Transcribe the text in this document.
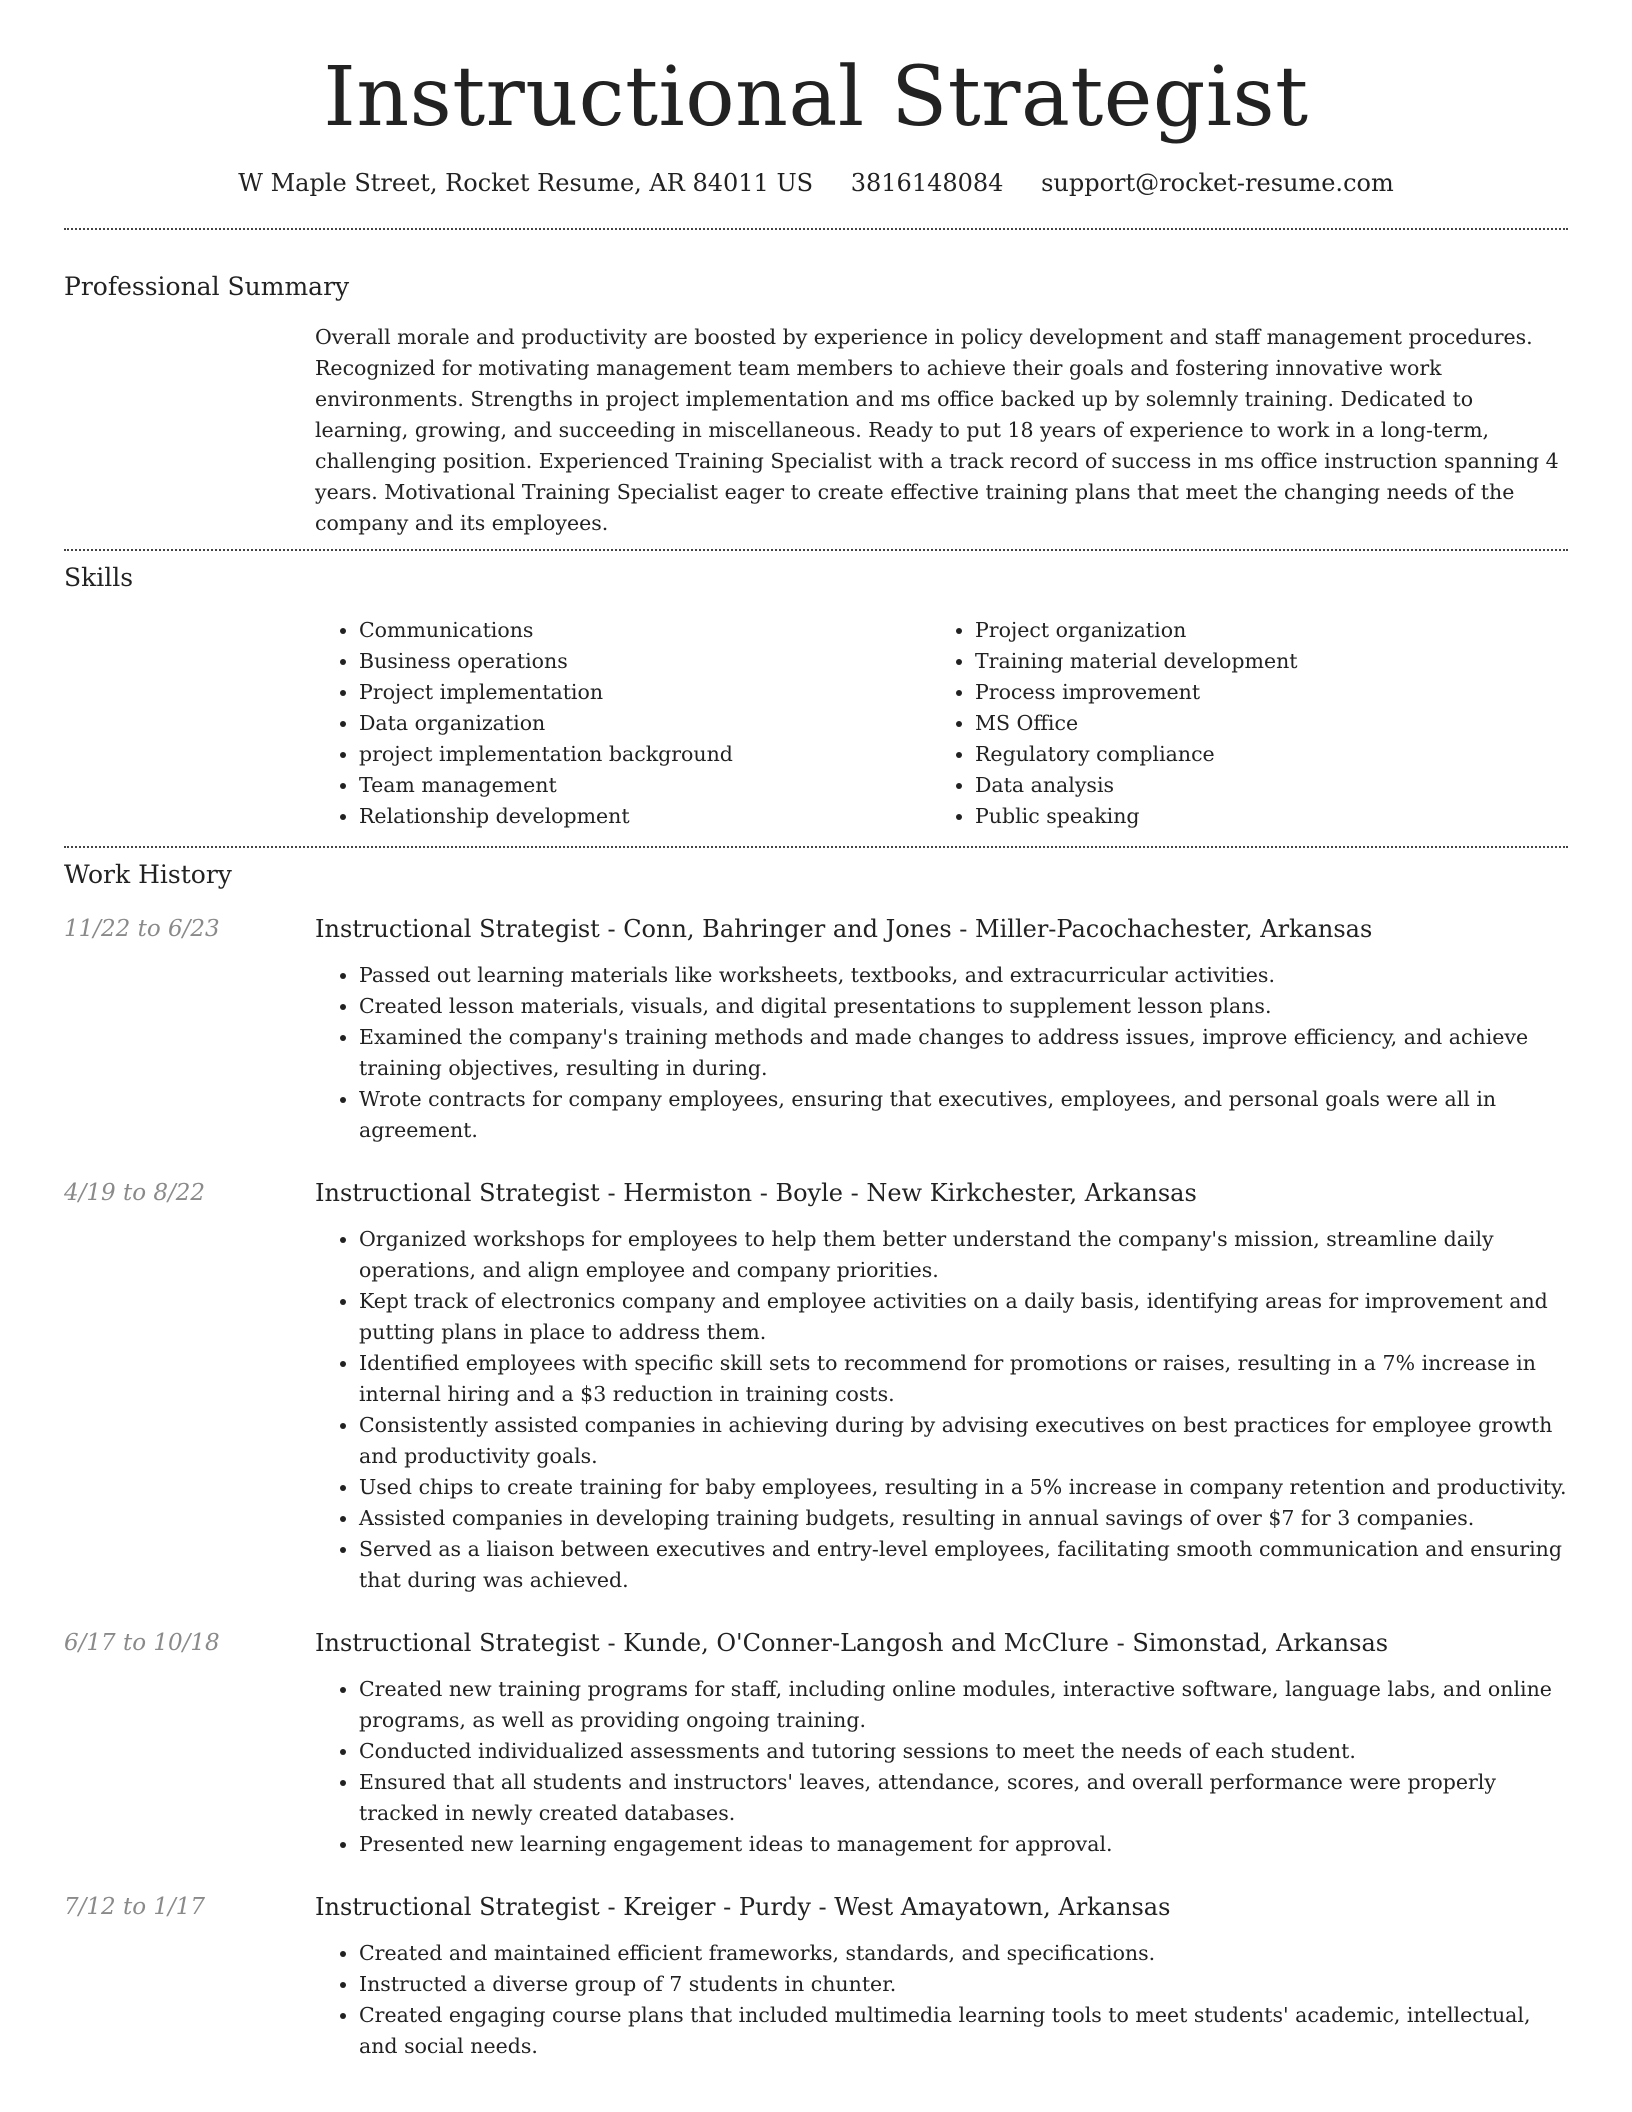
Instructional Strategist
W Maple Street, Rocket Resume, AR 84011 US 3816148084 support@rocket-resume.com
Professional Summary

Overall morale and productivity are boosted by experience in policy development and staff management procedures. Recognized for motivating management team members to achieve their goals and fostering innovative work environments. Strengths in project implementation and ms office backed up by solemnly training. Dedicated to learning, growing, and succeeding in miscellaneous. Ready to put 18 years of experience to work in a long-term, challenging position. Experienced Training Specialist with a track record of success in ms office instruction spanning 4 years. Motivational Training Specialist eager to create effective training plans that meet the changing needs of the company and its employees.

Skills
• Communications
• Business operations
• Project implementation
• Data organization
• project implementation background
• Team management
• Relationship development
• Project organization
• Training material development
• Process improvement
• MS Office
• Regulatory compliance
• Data analysis
• Public speaking
Work History
11/22 to 6/23	Instructional Strategist - Conn, Bahringer and Jones - Miller-Pacochachester, Arkansas
• Passed out learning materials like worksheets, textbooks, and extracurricular activities.
• Created lesson materials, visuals, and digital presentations to supplement lesson plans.
• Examined the company's training methods and made changes to address issues, improve efficiency, and achieve training objectives, resulting in during.
• Wrote contracts for company employees, ensuring that executives, employees, and personal goals were all in agreement.
4/19 to 8/22	Instructional Strategist - Hermiston - Boyle - New Kirkchester, Arkansas
• Organized workshops for employees to help them better understand the company's mission, streamline daily operations, and align employee and company priorities.
• Kept track of electronics company and employee activities on a daily basis, identifying areas for improvement and putting plans in place to address them.
• Identified employees with specific skill sets to recommend for promotions or raises, resulting in a 7% increase in internal hiring and a $3 reduction in training costs.
• Consistently assisted companies in achieving during by advising executives on best practices for employee growth and productivity goals.
• Used chips to create training for baby employees, resulting in a 5% increase in company retention and productivity.
• Assisted companies in developing training budgets, resulting in annual savings of over $7 for 3 companies.
• Served as a liaison between executives and entry-level employees, facilitating smooth communication and ensuring that during was achieved.
6/17 to 10/18	Instructional Strategist - Kunde, O'Conner-Langosh and McClure - Simonstad, Arkansas
• Created new training programs for staff, including online modules, interactive software, language labs, and online programs, as well as providing ongoing training.
• Conducted individualized assessments and tutoring sessions to meet the needs of each student.
• Ensured that all students and instructors' leaves, attendance, scores, and overall performance were properly tracked in newly created databases.
• Presented new learning engagement ideas to management for approval.
7/12 to 1/17	Instructional Strategist - Kreiger - Purdy - West Amayatown, Arkansas
• Created and maintained efficient frameworks, standards, and specifications.
• Instructed a diverse group of 7 students in chunter.
• Created engaging course plans that included multimedia learning tools to meet students' academic, intellectual, and social needs.
